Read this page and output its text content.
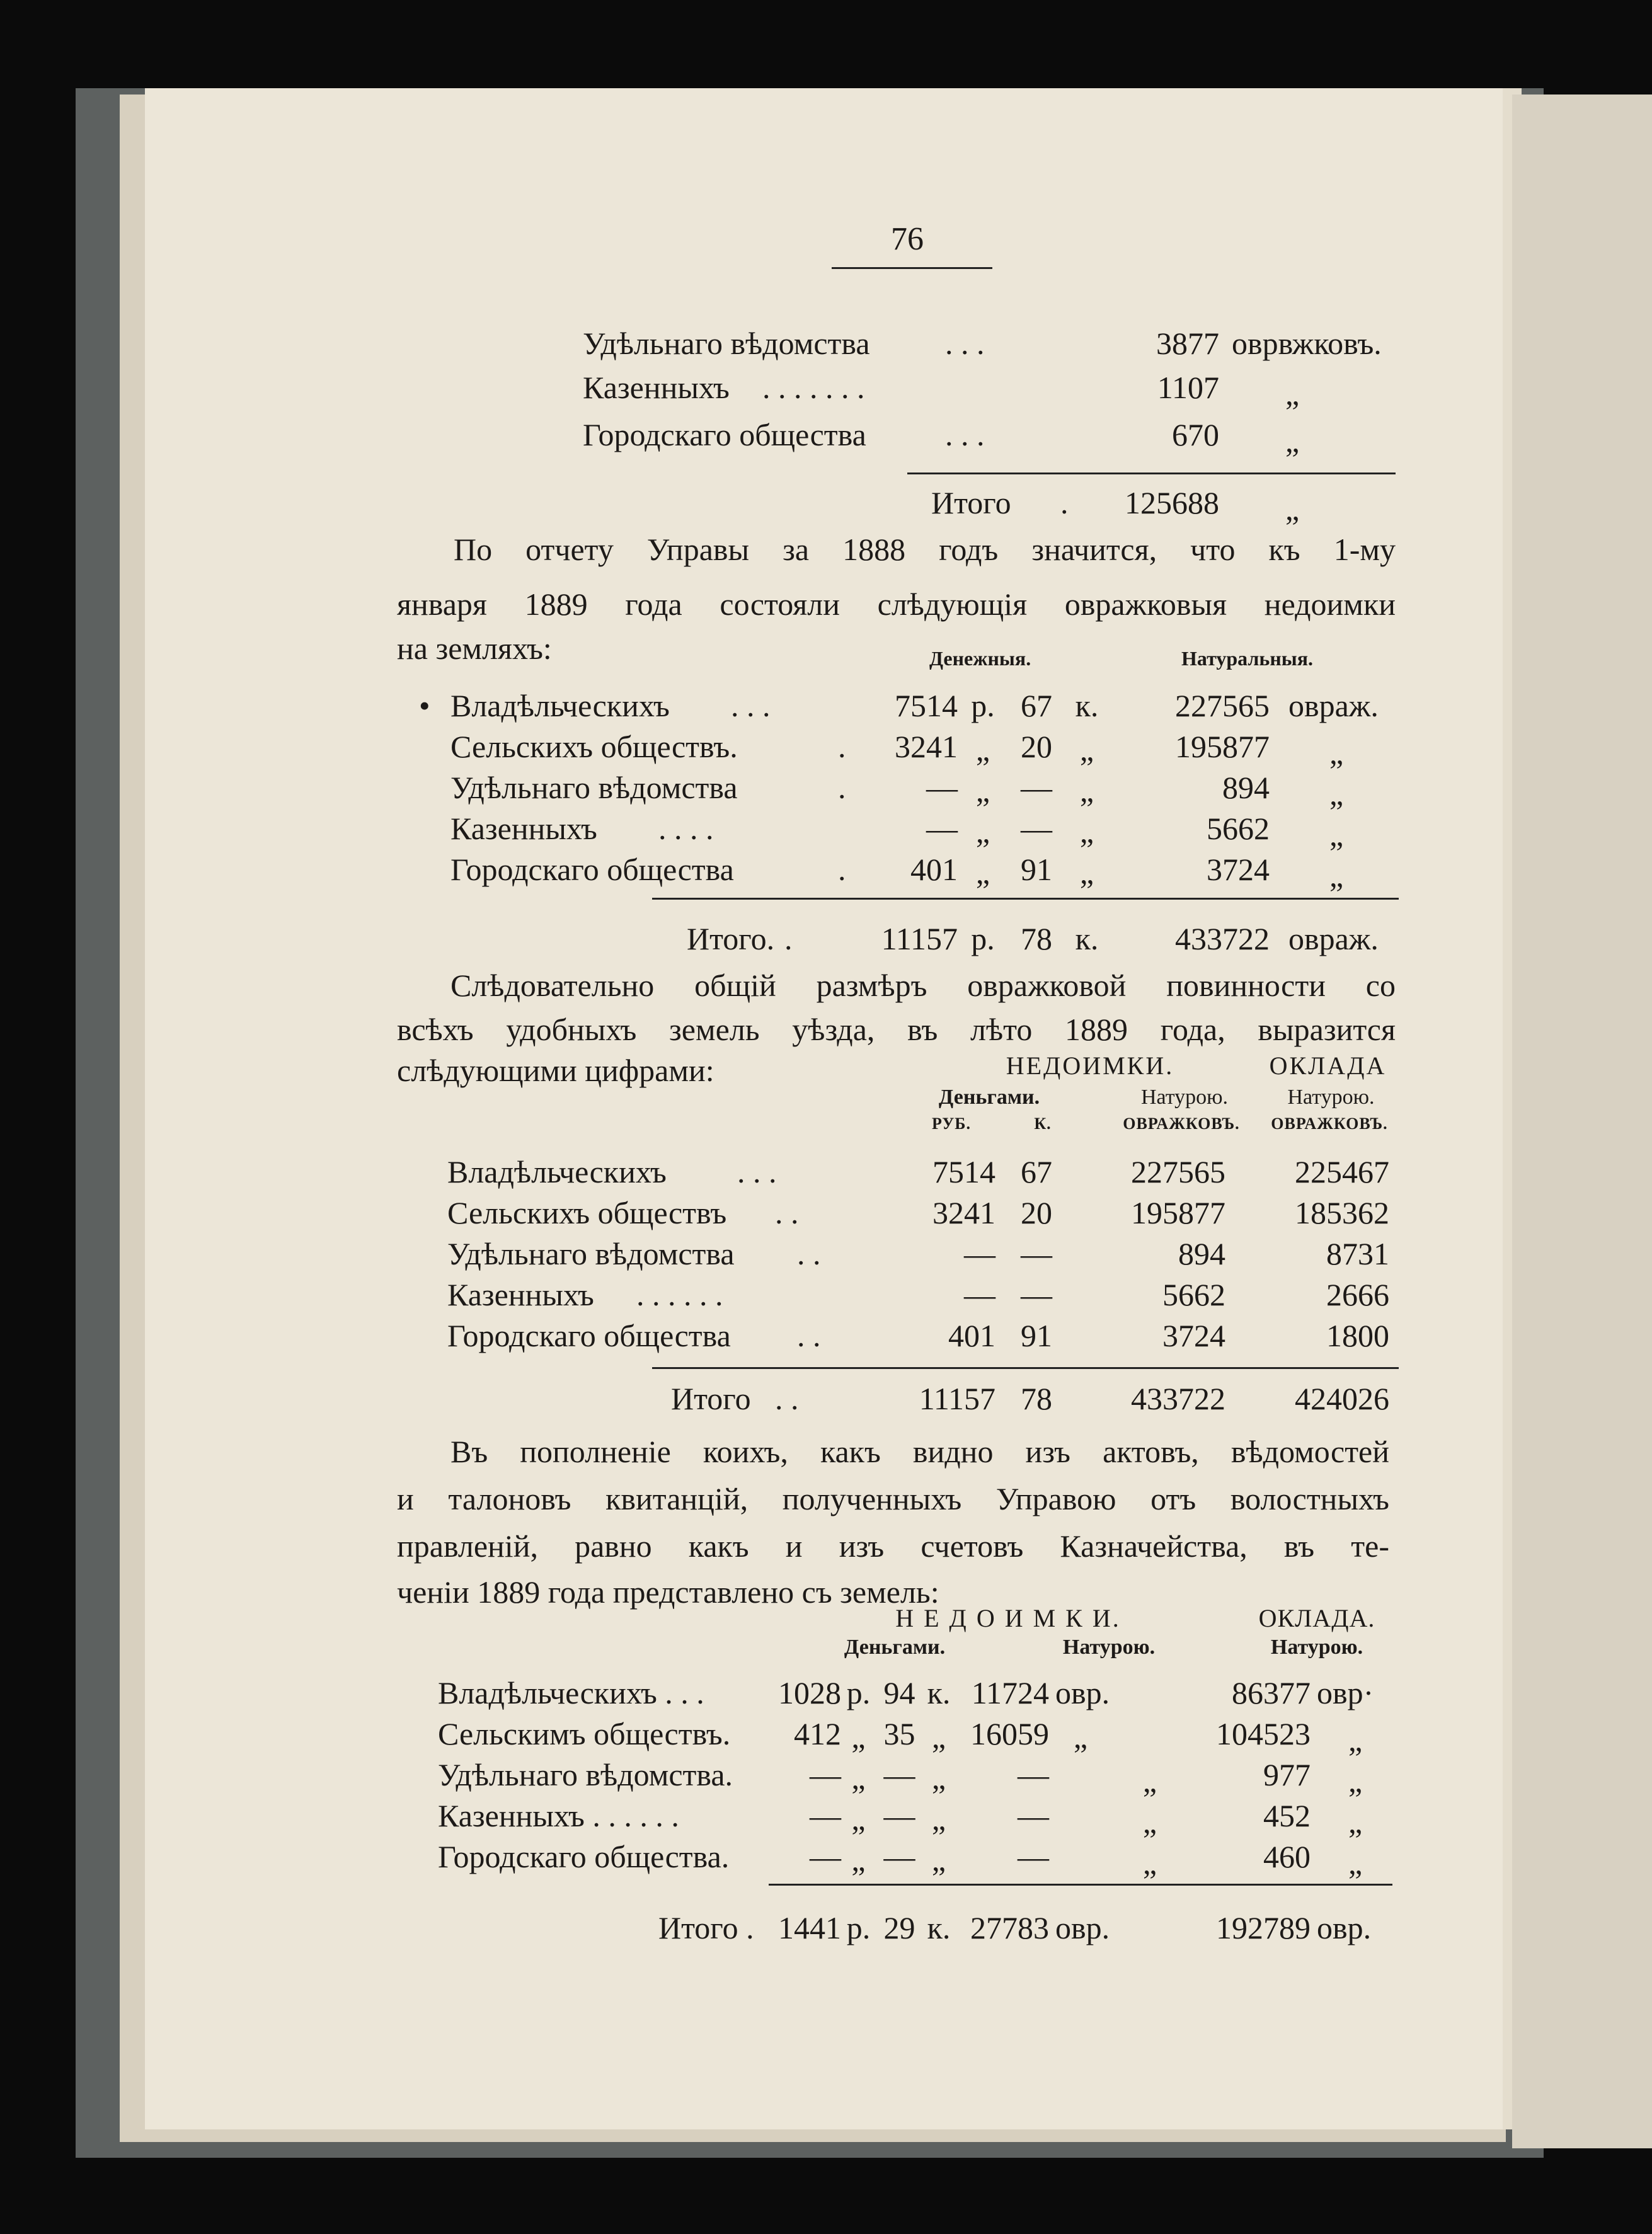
76
Удѣльнаго вѣдомства . . .	3877 оврвжковъ.
Казенныхъ . . . . . . .	1107 „
Городскаго общества	. . .	670 „
Итого .	125688 „
По отчету Управы за 1888 годъ значится, что къ 1-му
января 1889 года состояли слѣдующія овражковыя недоимки
на земляхъ:	Денежныя.	Натуральныя.
• Владѣльческихъ . . .	7514 р. 67 к.	227565 овраж.
Сельскихъ обществъ.	.	3241 „ 20 „	195877 „
Удѣльнаго вѣдомства	.	— „ — „	894 „
Казенныхъ . . . .	— „ — „	5662 „
Городскаго общества	.	401 „ 91 „	3724 „
Итого. .	11157 р. 78 к.	433722 овраж.
Слѣдовательно общій размѣръ овражковой повинности со
всѣхъ удобныхъ земель уѣзда, въ лѣто 1889 года, выразится
слѣдующими цифрами:	НЕДОИМКИ.	ОКЛАДА
Деньгами.	Натурою.	Натурою.
РУБ.	К.	ОВРАЖКОВЪ.	ОВРАЖКОВЪ.
Владѣльческихъ . . .	7514 67	227565	225467
Сельскихъ обществъ . .	3241 20	195877	185362
Удѣльнаго вѣдомства . .	— —	894	8731
Казенныхъ . . . . . .	— —	5662	2666
Городскаго общества . .	401 91	3724	1800
Итого . .	11157 78	433722	424026
Въ пополненіе коихъ, какъ видно изъ актовъ, вѣдомостей
и талоновъ квитанцій, полученныхъ Управою отъ волостныхъ
правленій, равно какъ и изъ счетовъ Казначейства, въ те-
ченіи 1889 года представлено съ земель:
Н Е Д О И М К И.	ОКЛАДА.
Деньгами.	Натурою.	Натурою.
Владѣльческихъ . . .	1028 р. 94 к. 11724 овр.	86377 овр·
Сельскимъ обществъ.	412 „ 35 „ 16059 „	104523 „
Удѣльнаго вѣдомства.	— „ — „	—	„	977 „
Казенныхъ . . . . . .	— „ — „	—	„	452 „
Городскаго общества.	— „ — „	—	„	460 „
Итого . 1441 р. 29 к. 27783 овр.	192789 овр.
